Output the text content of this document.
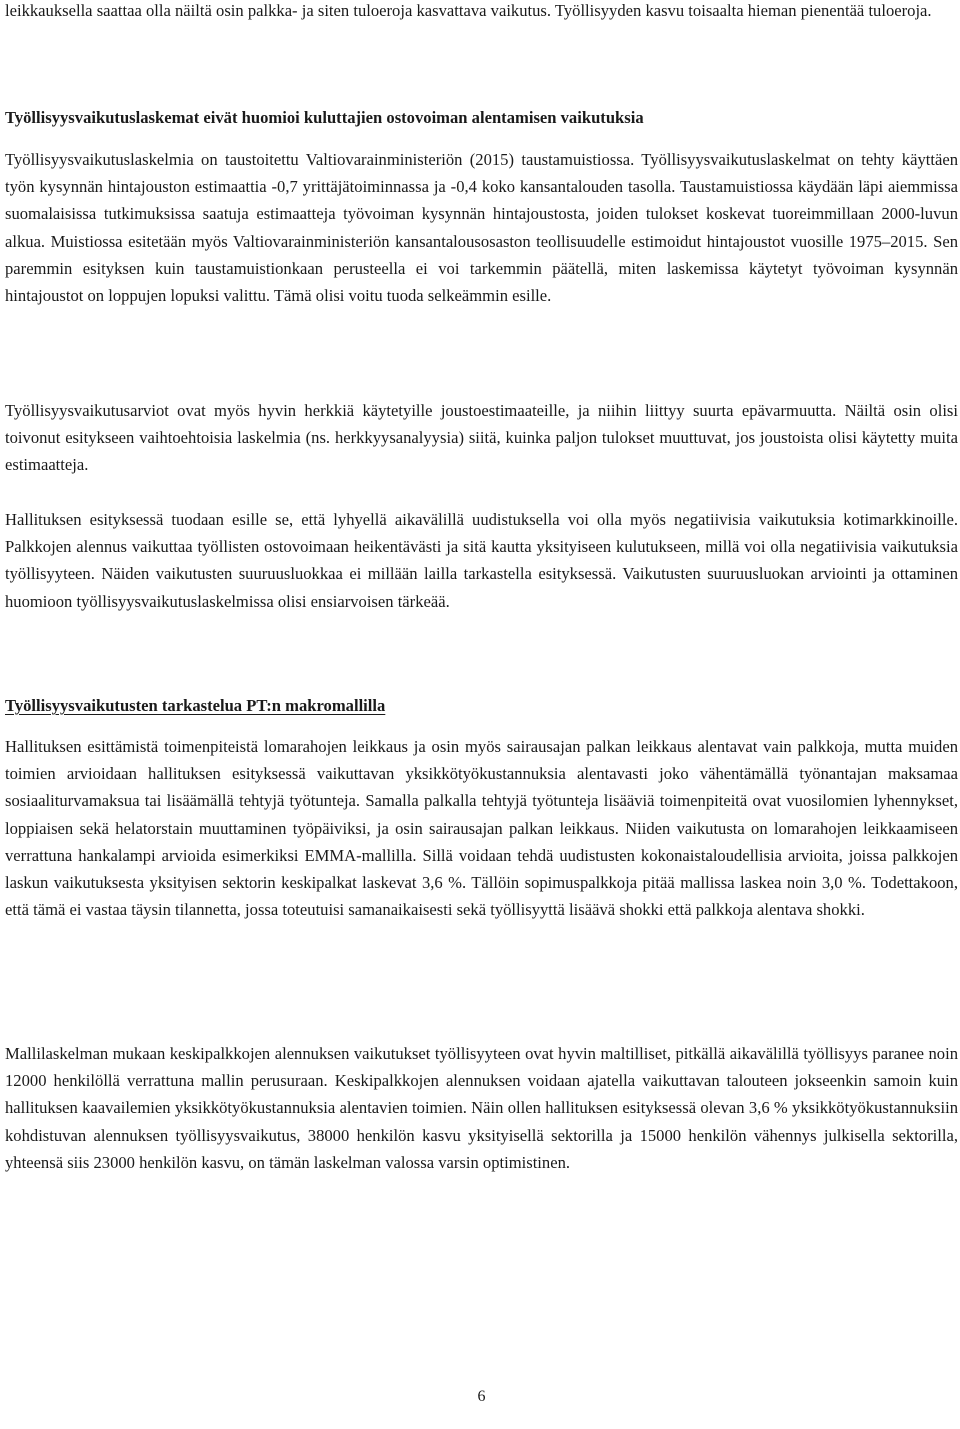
leikkauksella saattaa olla näiltä osin palkka- ja siten tuloeroja kasvattava vaikutus. Työllisyyden kasvu toisaalta hieman pienentää tuloeroja.

Työllisyysvaikutuslaskemat eivät huomioi kuluttajien ostovoiman alentamisen vaikutuksia

Työllisyysvaikutuslaskelmia on taustoitettu Valtiovarainministeriön (2015) taustamuistiossa. Työllisyysvaikutuslaskelmat on tehty käyttäen työn kysynnän hintajouston estimaattia -0,7 yrittäjätoiminnassa ja -0,4 koko kansantalouden tasolla. Taustamuistiossa käydään läpi aiemmissa suomalaisissa tutkimuksissa saatuja estimaatteja työvoiman kysynnän hintajoustosta, joiden tulokset koskevat tuoreimmillaan 2000-luvun alkua. Muistiossa esitetään myös Valtiovarainministeriön kansantalousosaston teollisuudelle estimoidut hintajoustot vuosille 1975–2015. Sen paremmin esityksen kuin taustamuistionkaan perusteella ei voi tarkemmin päätellä, miten laskemissa käytetyt työvoiman kysynnän hintajoustot on loppujen lopuksi valittu. Tämä olisi voitu tuoda selkeämmin esille.

Työllisyysvaikutusarviot ovat myös hyvin herkkiä käytetyille joustoestimaateille, ja niihin liittyy suurta epävarmuutta. Näiltä osin olisi toivonut esitykseen vaihtoehtoisia laskelmia (ns. herkkyysanalyysia) siitä, kuinka paljon tulokset muuttuvat, jos joustoista olisi käytetty muita estimaatteja.

Hallituksen esityksessä tuodaan esille se, että lyhyellä aikavälillä uudistuksella voi olla myös negatiivisia vaikutuksia kotimarkkinoille. Palkkojen alennus vaikuttaa työllisten ostovoimaan heikentävästi ja sitä kautta yksityiseen kulutukseen, millä voi olla negatiivisia vaikutuksia työllisyyteen. Näiden vaikutusten suuruusluokkaa ei millään lailla tarkastella esityksessä. Vaikutusten suuruusluokan arviointi ja ottaminen huomioon työllisyysvaikutuslaskelmissa olisi ensiarvoisen tärkeää.

Työllisyysvaikutusten tarkastelua PT:n makromallilla

Hallituksen esittämistä toimenpiteistä lomarahojen leikkaus ja osin myös sairausajan palkan leikkaus alentavat vain palkkoja, mutta muiden toimien arvioidaan hallituksen esityksessä vaikuttavan yksikkötyökustannuksia alentavasti joko vähentämällä työnantajan maksamaa sosiaaliturvamaksua tai lisäämällä tehtyjä työtunteja. Samalla palkalla tehtyjä työtunteja lisääviä toimenpiteitä ovat vuosilomien lyhennykset, loppiaisen sekä helatorstain muuttaminen työpäiviksi, ja osin sairausajan palkan leikkaus. Niiden vaikutusta on lomarahojen leikkaamiseen verrattuna hankalampi arvioida esimerkiksi EMMA-mallilla. Sillä voidaan tehdä uudistusten kokonaistaloudellisia arvioita, joissa palkkojen laskun vaikutuksesta yksityisen sektorin keskipalkat laskevat 3,6 %. Tällöin sopimuspalkkoja pitää mallissa laskea noin 3,0 %. Todettakoon, että tämä ei vastaa täysin tilannetta, jossa toteutuisi samanaikaisesti sekä työllisyyttä lisäävä shokki että palkkoja alentava shokki.

Mallilaskelman mukaan keskipalkkojen alennuksen vaikutukset työllisyyteen ovat hyvin maltilliset, pitkällä aikavälillä työllisyys paranee noin 12000 henkilöllä verrattuna mallin perusuraan. Keskipalkkojen alennuksen voidaan ajatella vaikuttavan talouteen jokseenkin samoin kuin hallituksen kaavailemien yksikkötyökustannuksia alentavien toimien. Näin ollen hallituksen esityksessä olevan 3,6 % yksikkötyökustannuksiin kohdistuvan alennuksen työllisyysvaikutus, 38000 henkilön kasvu yksityisellä sektorilla ja 15000 henkilön vähennys julkisella sektorilla, yhteensä siis 23000 henkilön kasvu, on tämän laskelman valossa varsin optimistinen.

6
